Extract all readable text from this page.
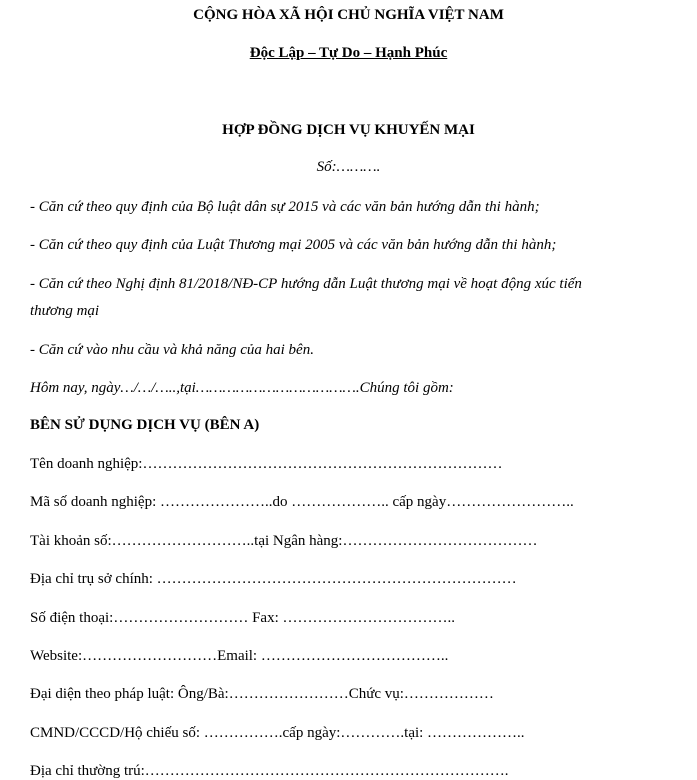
CỘNG HÒA XÃ HỘI CHỦ NGHĨA VIỆT NAM
Độc Lập – Tự Do – Hạnh Phúc
HỢP ĐỒNG DỊCH VỤ KHUYẾN MẠI
Số:……….
- Căn cứ theo quy định của Bộ luật dân sự 2015 và các văn bản hướng dẫn thi hành;
- Căn cứ theo quy định của Luật Thương mại 2005 và các văn bản hướng dẫn thi hành;
- Căn cứ theo Nghị định 81/2018/NĐ-CP hướng dẫn Luật thương mại về hoạt động xúc tiến
thương mại
- Căn cứ vào nhu cầu và khả năng của hai bên.
Hôm nay, ngày…/…/…..,tại……………………………….Chúng tôi gồm:
BÊN SỬ DỤNG DỊCH VỤ (BÊN A)
Tên doanh nghiệp:………………………………………………………………
Mã số doanh nghiệp: …………………..do ……………….. cấp ngày……………………..
Tài khoản số:………………………..tại Ngân hàng:…………………………………
Địa chỉ trụ sở chính: ………………………………………………………………
Số điện thoại:……………………… Fax: ……………………………..
Website:………………………Email: ………………………………..
Đại diện theo pháp luật: Ông/Bà:……………………Chức vụ:………………
CMND/CCCD/Hộ chiếu số: …………….cấp ngày:………….tại: ………………..
Địa chỉ thường trú:……………………………………………………………….
